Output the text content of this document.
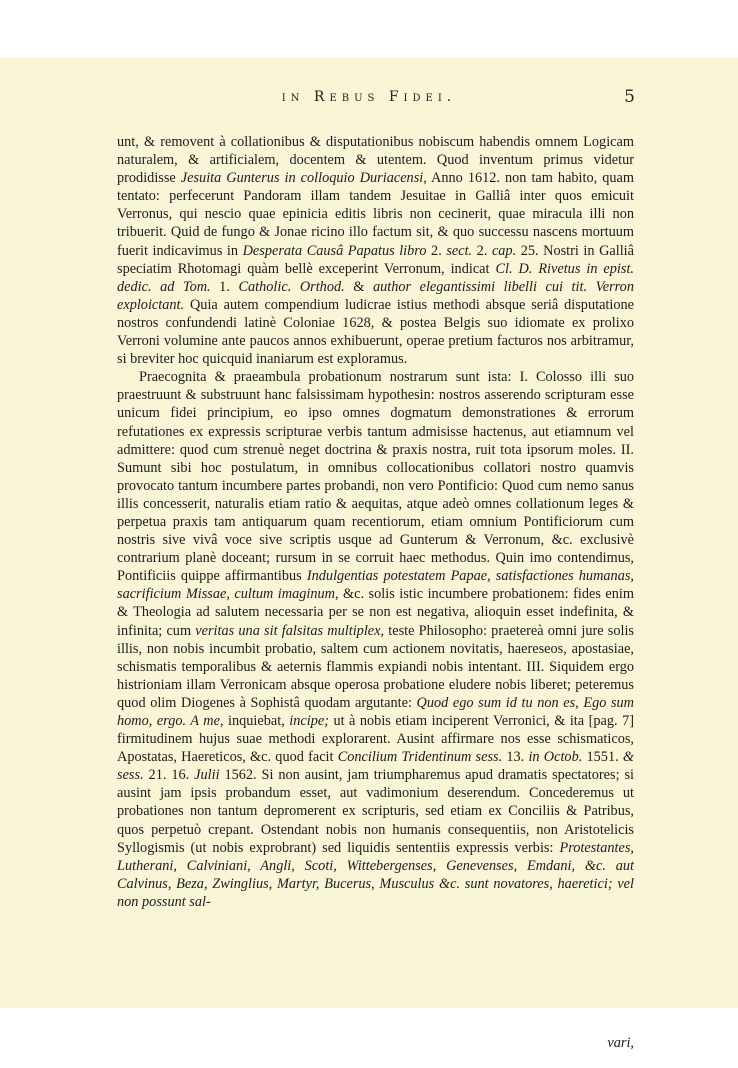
in Rebus Fidei.	5

unt, & removent à collationibus & disputationibus nobiscum habendis omnem Logicam naturalem, & artificialem, docentem & utentem. Quod inventum primus videtur prodidisse Jesuita Gunterus in colloquio Duriacensi, Anno 1612. non tam habito, quam tentato: perfecerunt Pandoram illam tandem Jesuitae in Galliâ inter quos emicuit Verronus, qui nescio quae epinicia editis libris non cecinerit, quae miracula illi non tribuerit. Quid de fungo & Jonae ricino illo factum sit, & quo successu nascens mortuum fuerit indicavimus in Desperata Causâ Papatus libro 2. sect. 2. cap. 25. Nostri in Galliâ speciatim Rhotomagi quàm bellè exceperint Verronum, indicat Cl. D. Rivetus in epist. dedic. ad Tom. 1. Catholic. Orthod. & author elegantissimi libelli cui tit. Verron exploictant. Quia autem compendium ludicrae istius methodi absque seriâ disputatione nostros confundendi latinè Coloniae 1628, & postea Belgis suo idiomate ex prolixo Verroni volumine ante paucos annos exhibuerunt, operae pretium facturos nos arbitramur, si breviter hoc quicquid inaniarum est exploramus.

Praecognita & praeambula probationum nostrarum sunt ista: I. Colosso illi suo praestruunt & substruunt hanc falsissimam hypothesin: nostros asserendo scripturam esse unicum fidei principium, eo ipso omnes dogmatum demonstrationes & errorum refutationes ex expressis scripturae verbis tantum admisisse hactenus, aut etiamnum vel admittere: quod cum strenuè neget doctrina & praxis nostra, ruit tota ipsorum moles. II. Sumunt sibi hoc postulatum, in omnibus collocationibus collatori nostro quamvis provocato tantum incumbere partes probandi, non vero Pontificio: Quod cum nemo sanus illis concesserit, naturalis etiam ratio & aequitas, atque adeò omnes collationum leges & perpetua praxis tam antiquarum quam recentiorum, etiam omnium Pontificiorum cum nostris sive vivâ voce sive scriptis usque ad Gunterum & Verronum, &c. exclusivè contrarium planè doceant; rursum in se corruit haec methodus. Quin imo contendimus, Pontificiis quippe affirmantibus Indulgentias potestatem Papae, satisfactiones humanas, sacrificium Missae, cultum imaginum, &c. solis istic incumbere probationem: fides enim & Theologia ad salutem necessaria per se non est negativa, alioquin esset indefinita, & infinita; cum veritas una sit falsitas multiplex, teste Philosopho: praetereà omni jure solis illis, non nobis incumbit probatio, saltem cum actionem novitatis, haereseos, apostasiae, schismatis temporalibus & aeternis flammis expiandi nobis intentant. III. Siquidem ergo histrioniam illam Verronicam absque operosa probatione eludere nobis liberet; peteremus quod olim Diogenes à Sophistâ quodam argutante: Quod ego sum id tu non es, Ego sum homo, ergo. A me, inquiebat, incipe; ut à nobis etiam inciperent Verronici, & ita [pag. 7] firmitudinem hujus suae methodi explorarent. Ausint affirmare nos esse schismaticos, Apostatas, Haereticos, &c. quod facit Concilium Tridentinum sess. 13. in Octob. 1551. & sess. 21. 16. Julii 1562. Si non ausint, jam triumpharemus apud dramatis spectatores; si ausint jam ipsis probandum esset, aut vadimonium deserendum. Concederemus ut probationes non tantum depromerent ex scripturis, sed etiam ex Conciliis & Patribus, quos perpetuò crepant. Ostendant nobis non humanis consequentiis, non Aristotelicis Syllogismis (ut nobis exprobrant) sed liquidis sententiis expressis verbis: Protestantes, Lutherani, Calviniani, Angli, Scoti, Wittebergenses, Genevenses, Emdani, &c. aut Calvinus, Beza, Zwinglius, Martyr, Bucerus, Musculus &c. sunt novatores, haeretici; vel non possunt sal-

vari,
